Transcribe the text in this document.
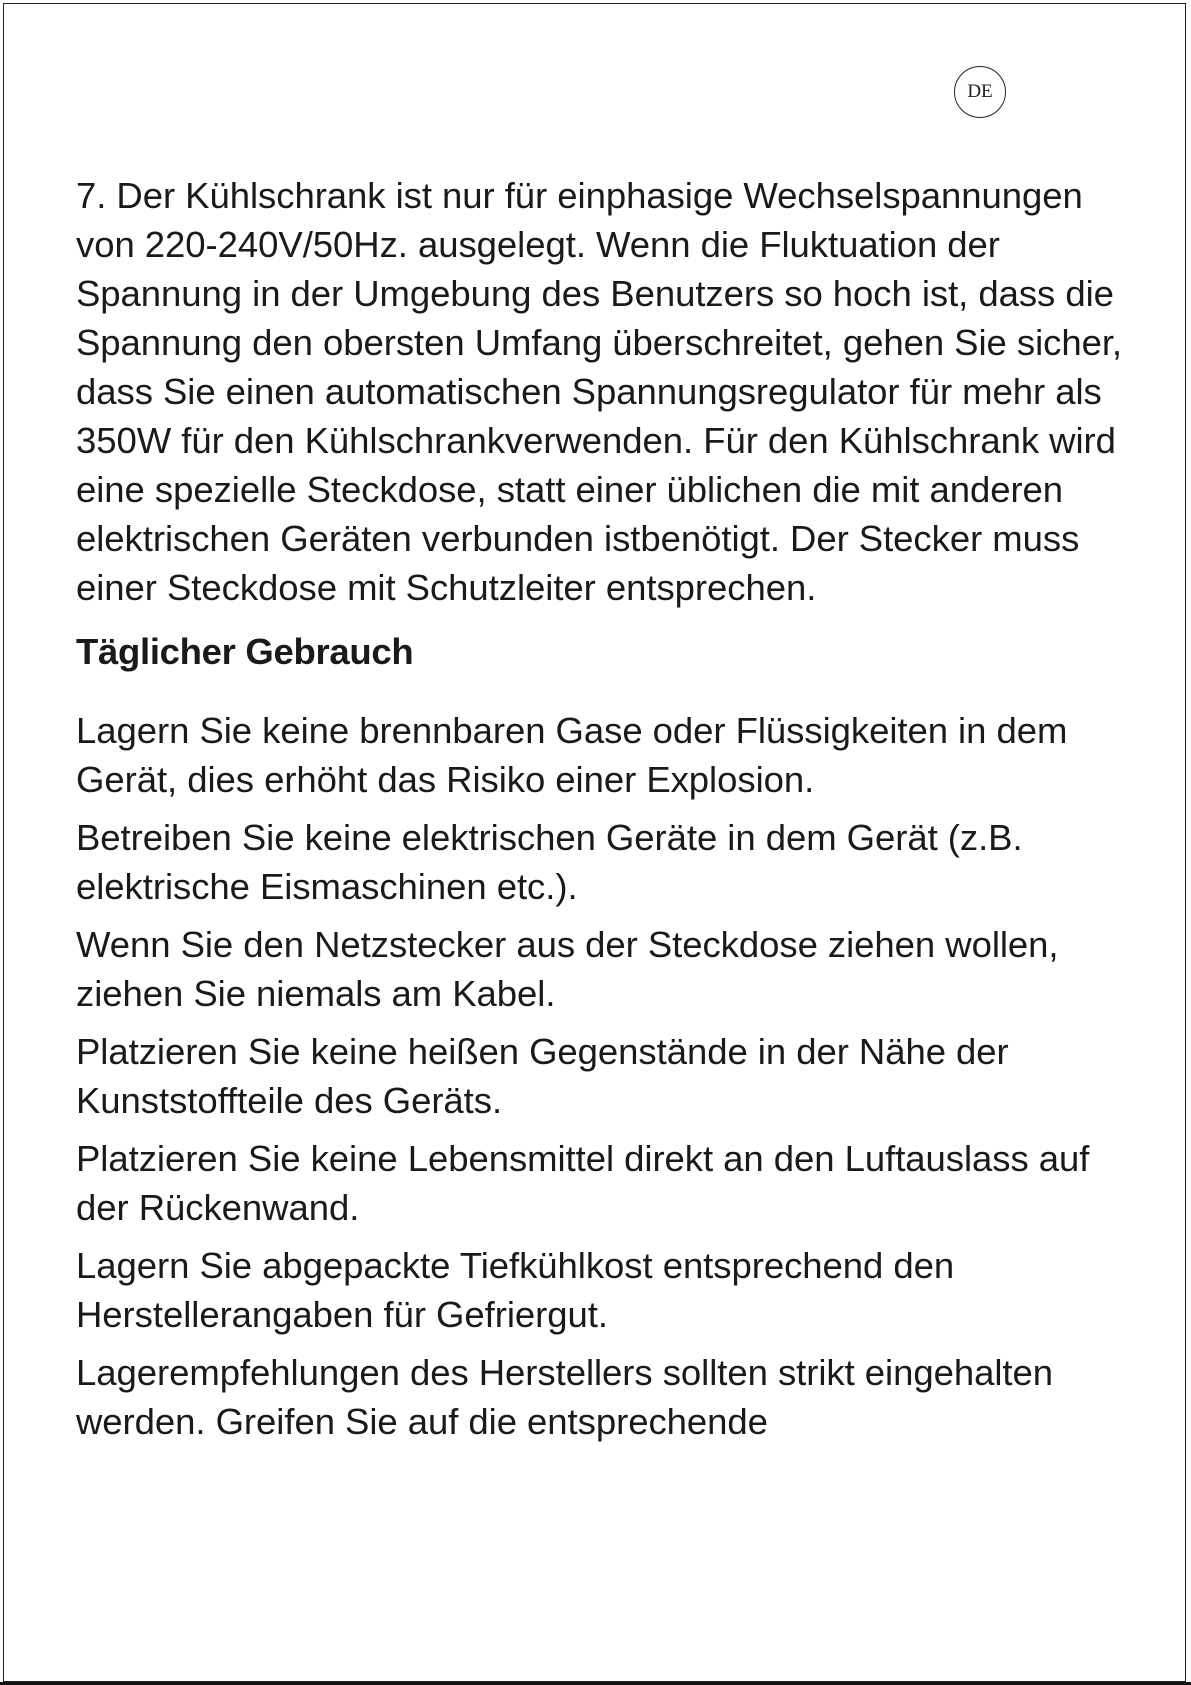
DE

7. Der Kühlschrank ist nur für einphasige Wechselspannungen von 220-240V/50Hz. ausgelegt. Wenn die Fluktuation der Spannung in der Umgebung des Benutzers so hoch ist, dass die Spannung den obersten Umfang überschreitet, gehen Sie sicher, dass Sie einen automatischen Spannungsregulator für mehr als 350W für den Kühlschrankverwenden. Für den Kühlschrank wird eine spezielle Steckdose, statt einer üblichen die mit anderen elektrischen Geräten verbunden istbenötigt. Der Stecker muss einer Steckdose mit Schutzleiter entsprechen.

Täglicher Gebrauch

Lagern Sie keine brennbaren Gase oder Flüssigkeiten in dem Gerät, dies erhöht das Risiko einer Explosion.

Betreiben Sie keine elektrischen Geräte in dem Gerät (z.B. elektrische Eismaschinen etc.).

Wenn Sie den Netzstecker aus der Steckdose ziehen wollen, ziehen Sie niemals am Kabel.

Platzieren Sie keine heißen Gegenstände in der Nähe der Kunststoffteile des Geräts.

Platzieren Sie keine Lebensmittel direkt an den Luftauslass auf der Rückenwand.

Lagern Sie abgepackte Tiefkühlkost entsprechend den Herstellerangaben für Gefriergut.

Lagerempfehlungen des Herstellers sollten strikt eingehalten werden. Greifen Sie auf die entsprechende
